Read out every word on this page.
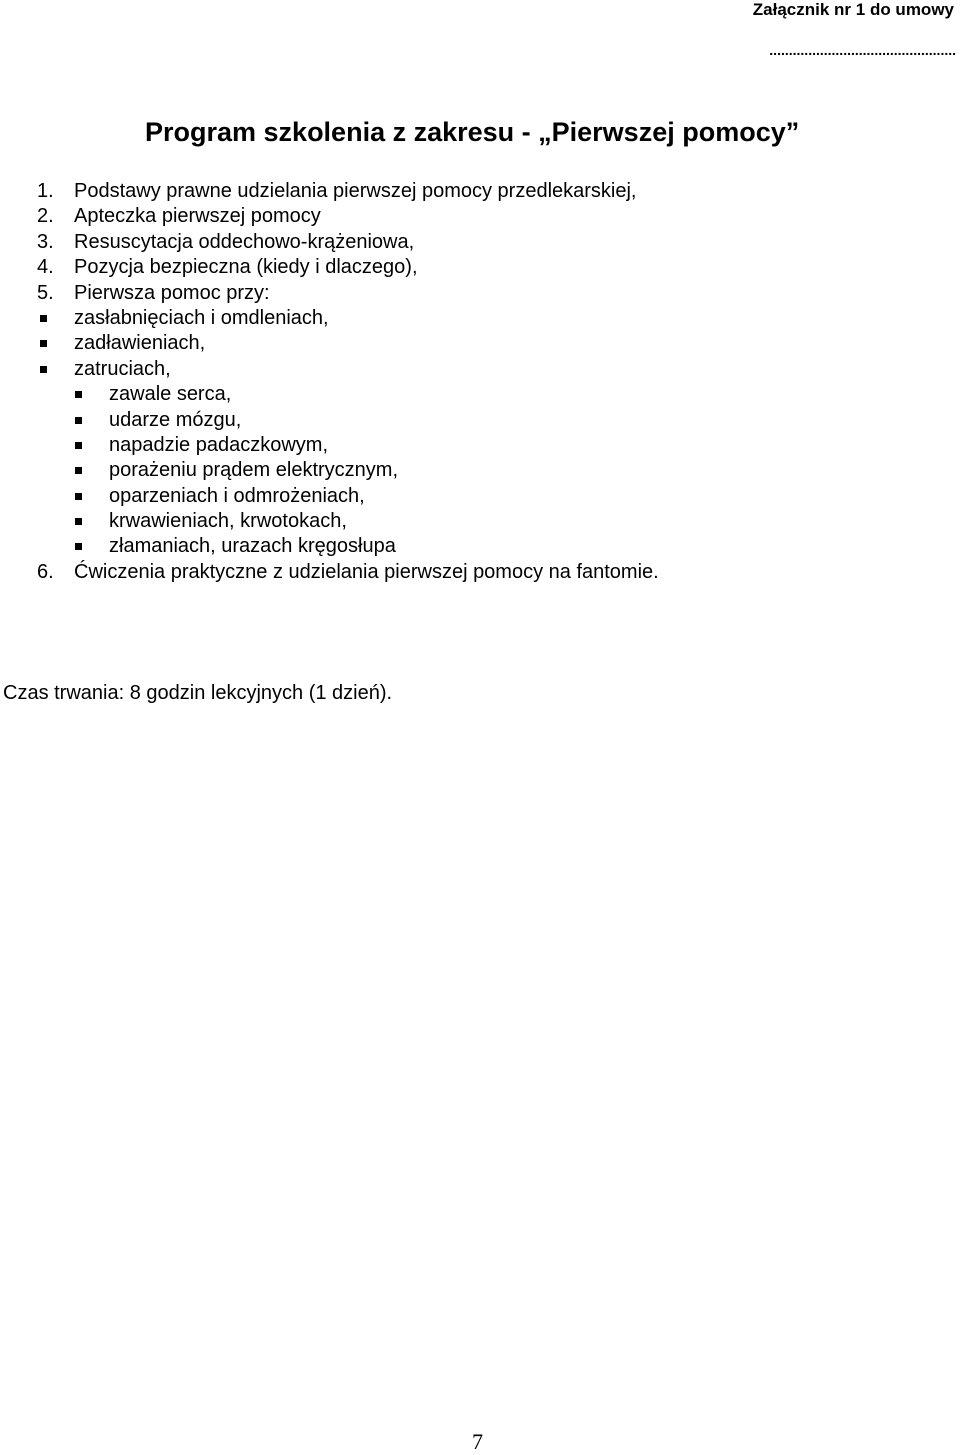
Załącznik nr 1 do umowy
................................................
Program szkolenia z zakresu - „Pierwszej pomocy”
1. Podstawy prawne udzielania pierwszej pomocy przedlekarskiej,
2. Apteczka pierwszej pomocy
3. Resuscytacja oddechowo-krążeniowa,
4. Pozycja bezpieczna (kiedy i dlaczego),
5. Pierwsza pomoc przy:
zasłabnięciach i omdleniach,
zadławieniach,
zatruciach,
zawale serca,
udarze mózgu,
napadzie padaczkowym,
porażeniu prądem elektrycznym,
oparzeniach i odmrożeniach,
krwawieniach, krwotokach,
złamaniach, urazach kręgosłupa
6. Ćwiczenia praktyczne z udzielania pierwszej pomocy na fantomie.
Czas trwania: 8 godzin lekcyjnych (1 dzień).
7
